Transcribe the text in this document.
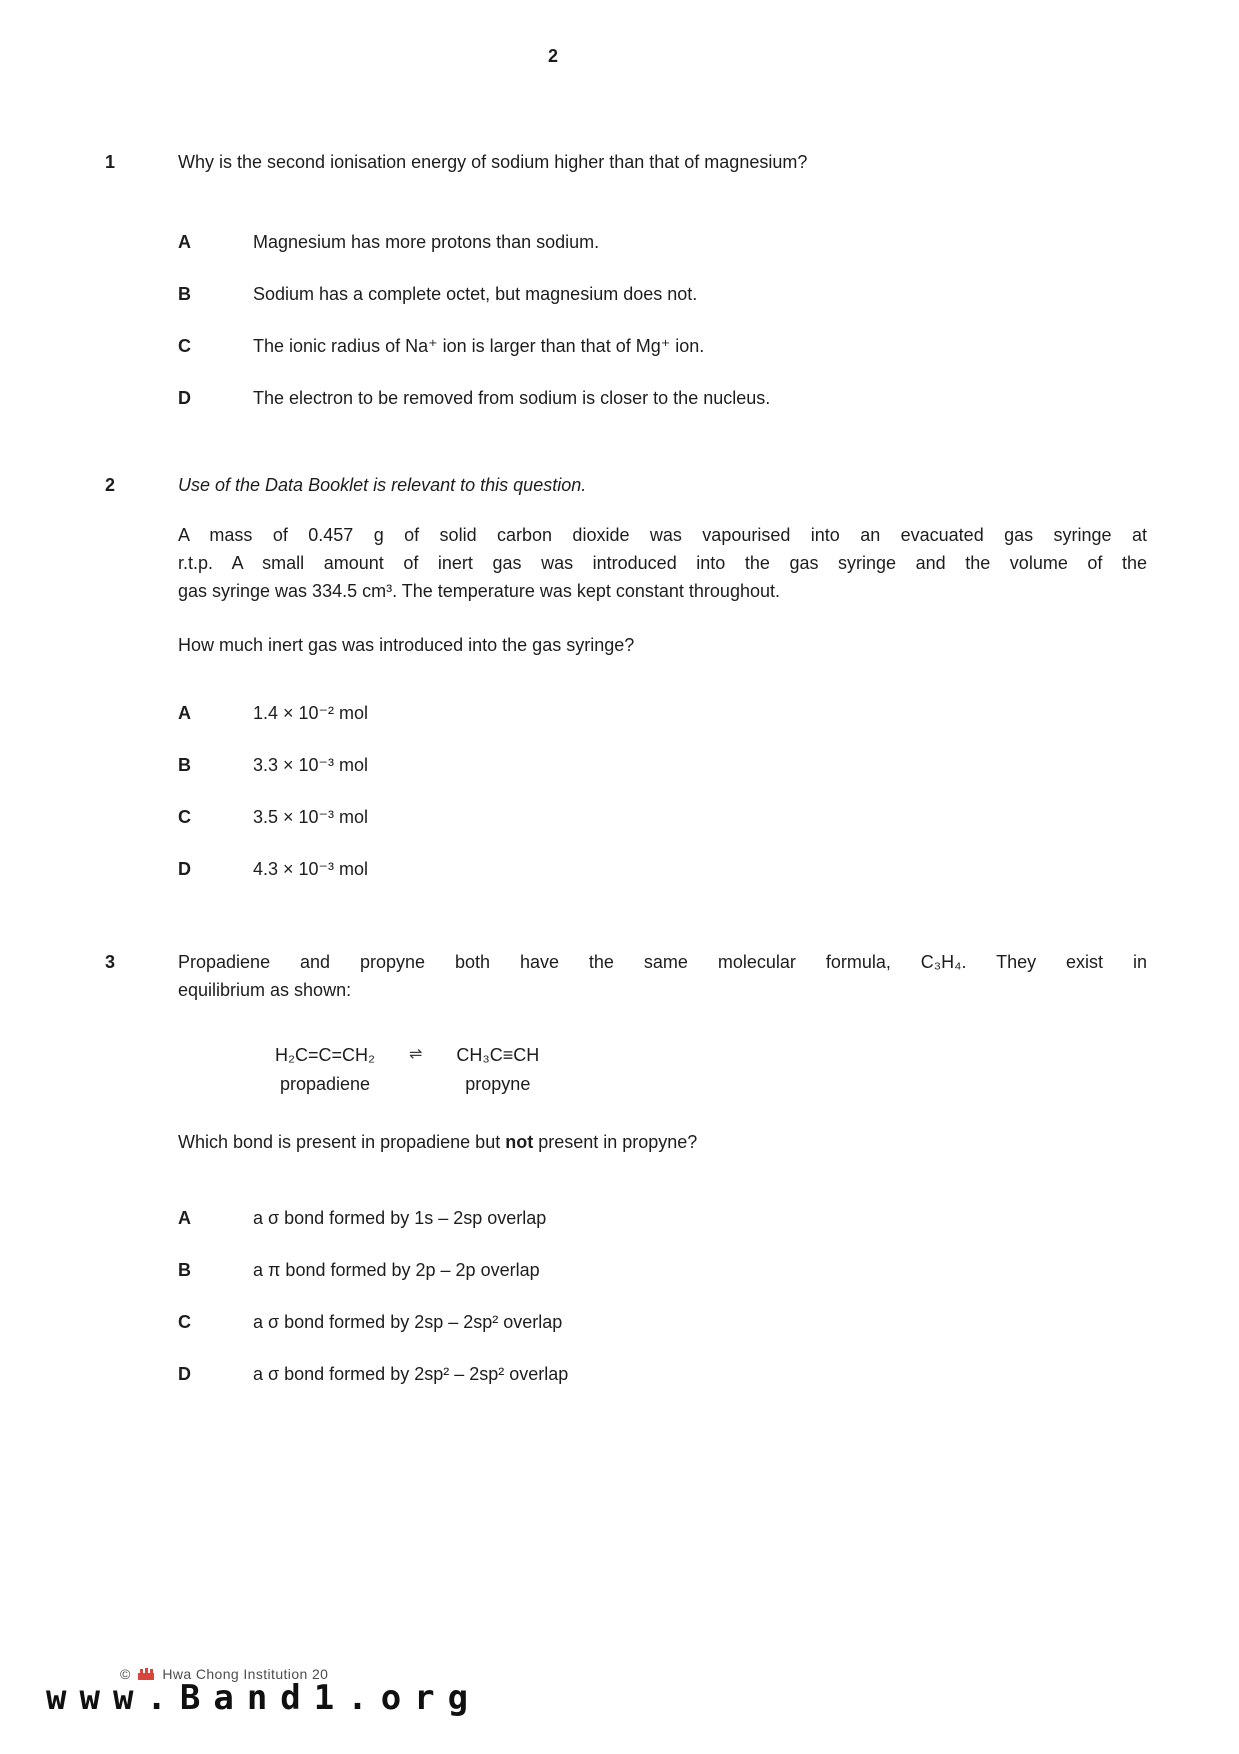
2
1	Why is the second ionisation energy of sodium higher than that of magnesium?
A	Magnesium has more protons than sodium.
B	Sodium has a complete octet, but magnesium does not.
C	The ionic radius of Na⁺ ion is larger than that of Mg⁺ ion.
D	The electron to be removed from sodium is closer to the nucleus.
2	Use of the Data Booklet is relevant to this question.
A mass of 0.457 g of solid carbon dioxide was vapourised into an evacuated gas syringe at
r.t.p. A small amount of inert gas was introduced into the gas syringe and the volume of the
gas syringe was 334.5 cm³. The temperature was kept constant throughout.
How much inert gas was introduced into the gas syringe?
A	1.4 × 10⁻² mol
B	3.3 × 10⁻³ mol
C	3.5 × 10⁻³ mol
D	4.3 × 10⁻³ mol
3	Propadiene and propyne both have the same molecular formula, C₃H₄. They exist in
equilibrium as shown:
H₂C=C=CH₂ ⇌ CH₃C≡CH
propadiene	propyne
Which bond is present in propadiene but not present in propyne?
A	a σ bond formed by 1s – 2sp overlap
B	a π bond formed by 2p – 2p overlap
C	a σ bond formed by 2sp – 2sp² overlap
D	a σ bond formed by 2sp² – 2sp² overlap
© Hwa Chong Institution 20
www.Band1.org
